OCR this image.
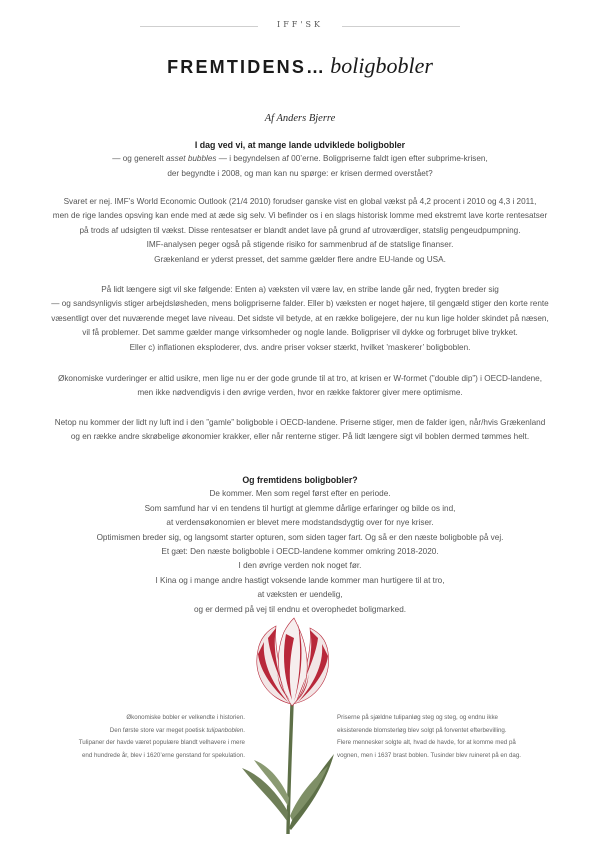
IFF'SK
FREMTIDENS… boligbobler
Af Anders Bjerre

I dag ved vi, at mange lande udviklede boligbobler

— og generelt asset bubbles — i begyndelsen af 00’erne. Boligpriserne faldt igen efter subprime-krisen,

der begyndte i 2008, og man kan nu spørge: er krisen dermed overstået?

Svaret er nej. IMF’s World Economic Outlook (21/4 2010) forudser ganske vist en global vækst på 4,2 procent i 2010 og 4,3 i 2011,

men de rige landes opsving kan ende med at æde sig selv. Vi befinder os i en slags historisk lomme med ekstremt lave korte rentesatser

på trods af udsigten til vækst. Disse rentesatser er blandt andet lave på grund af utroværdiger, statslig pengeudpumpning.

IMF-analysen peger også på stigende risiko for sammenbrud af de statslige finanser.

Grækenland er yderst presset, det samme gælder flere andre EU-lande og USA.

På lidt længere sigt vil ske følgende: Enten a) væksten vil være lav, en stribe lande går ned, frygten breder sig

— og sandsynligvis stiger arbejdsløsheden, mens boligpriserne falder. Eller b) væksten er noget højere, til gengæld stiger den korte rente

væsentligt over det nuværende meget lave niveau. Det sidste vil betyde, at en række boligejere, der nu kun lige holder skindet på næsen,

vil få problemer. Det samme gælder mange virksomheder og nogle lande. Boligpriser vil dykke og forbruget blive trykket.

Eller c) inflationen eksploderer, dvs. andre priser vokser stærkt, hvilket ’maskerer’ boligboblen.

Økonomiske vurderinger er altid usikre, men lige nu er der gode grunde til at tro, at krisen er W-formet (”double dip”) i OECD-landene,

men ikke nødvendigvis i den øvrige verden, hvor en række faktorer giver mere optimisme.

Netop nu kommer der lidt ny luft ind i den ”gamle” boligboble i OECD-landene. Priserne stiger, men de falder igen, når/hvis Grækenland

og en række andre skrøbelige økonomier krakker, eller når renterne stiger. På lidt længere sigt vil boblen dermed tømmes helt.

Og fremtidens boligbobler?

De kommer. Men som regel først efter en periode.

Som samfund har vi en tendens til hurtigt at glemme dårlige erfaringer og bilde os ind,

at verdensøkonomien er blevet mere modstandsdygtig over for nye kriser.

Optimismen breder sig, og langsomt starter opturen, som siden tager fart. Og så er den næste boligboble på vej.

Et gæt: Den næste boligboble i OECD-landene kommer omkring 2018-2020.

I den øvrige verden nok noget før.

I Kina og i mange andre hastigt voksende lande kommer man hurtigere til at tro,

at væksten er uendelig,

og er dermed på vej til endnu et overophedet boligmarked.

Økonomiske bobler er velkendte i historien.

Den første store var meget poetisk tulipanboblen.

Tulipaner der havde været populære blandt velhavere i mere

end hundrede år, blev i 1620’erne genstand for spekulation.

Priserne på sjældne tulipanløg steg og steg, og endnu ikke

eksisterende blomsterløg blev solgt på forventet efterbevilling.

Flere mennesker solgte alt, hvad de havde, for at komme med på

vognen, men i 1637 brast boblen. Tusinder blev ruineret på en dag.
